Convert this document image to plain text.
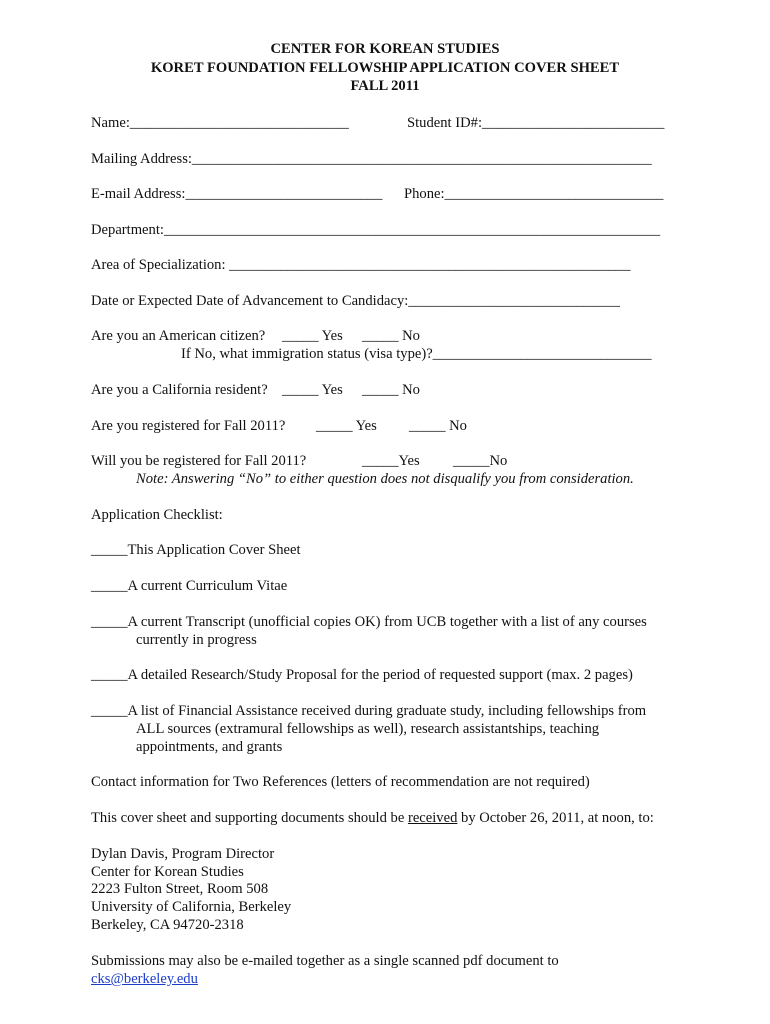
CENTER FOR KOREAN STUDIES
KORET FOUNDATION FELLOWSHIP APPLICATION COVER SHEET
FALL 2011
Name:______________________________	Student ID#:_________________________
Mailing Address:_______________________________________________________________
E-mail Address:___________________________ Phone:______________________________
Department:____________________________________________________________________
Area of Specialization: _______________________________________________________
Date or Expected Date of Advancement to Candidacy:_____________________________
Are you an American citizen? _____ Yes _____ No
If No, what immigration status (visa type)?______________________________
Are you a California resident? _____ Yes _____ No
Are you registered for Fall 2011? _____ Yes _____ No
Will you be registered for Fall 2011?	_____Yes _____No
Note: Answering “No” to either question does not disqualify you from consideration.
Application Checklist:
_____This Application Cover Sheet
_____A current Curriculum Vitae
_____A current Transcript (unofficial copies OK) from UCB together with a list of any courses
currently in progress
_____A detailed Research/Study Proposal for the period of requested support (max. 2 pages)
_____A list of Financial Assistance received during graduate study, including fellowships from
ALL sources (extramural fellowships as well), research assistantships, teaching
appointments, and grants
Contact information for Two References (letters of recommendation are not required)
This cover sheet and supporting documents should be received by October 26, 2011, at noon, to:
Dylan Davis, Program Director
Center for Korean Studies
2223 Fulton Street, Room 508
University of California, Berkeley
Berkeley, CA 94720-2318
Submissions may also be e-mailed together as a single scanned pdf document to
cks@berkeley.edu
